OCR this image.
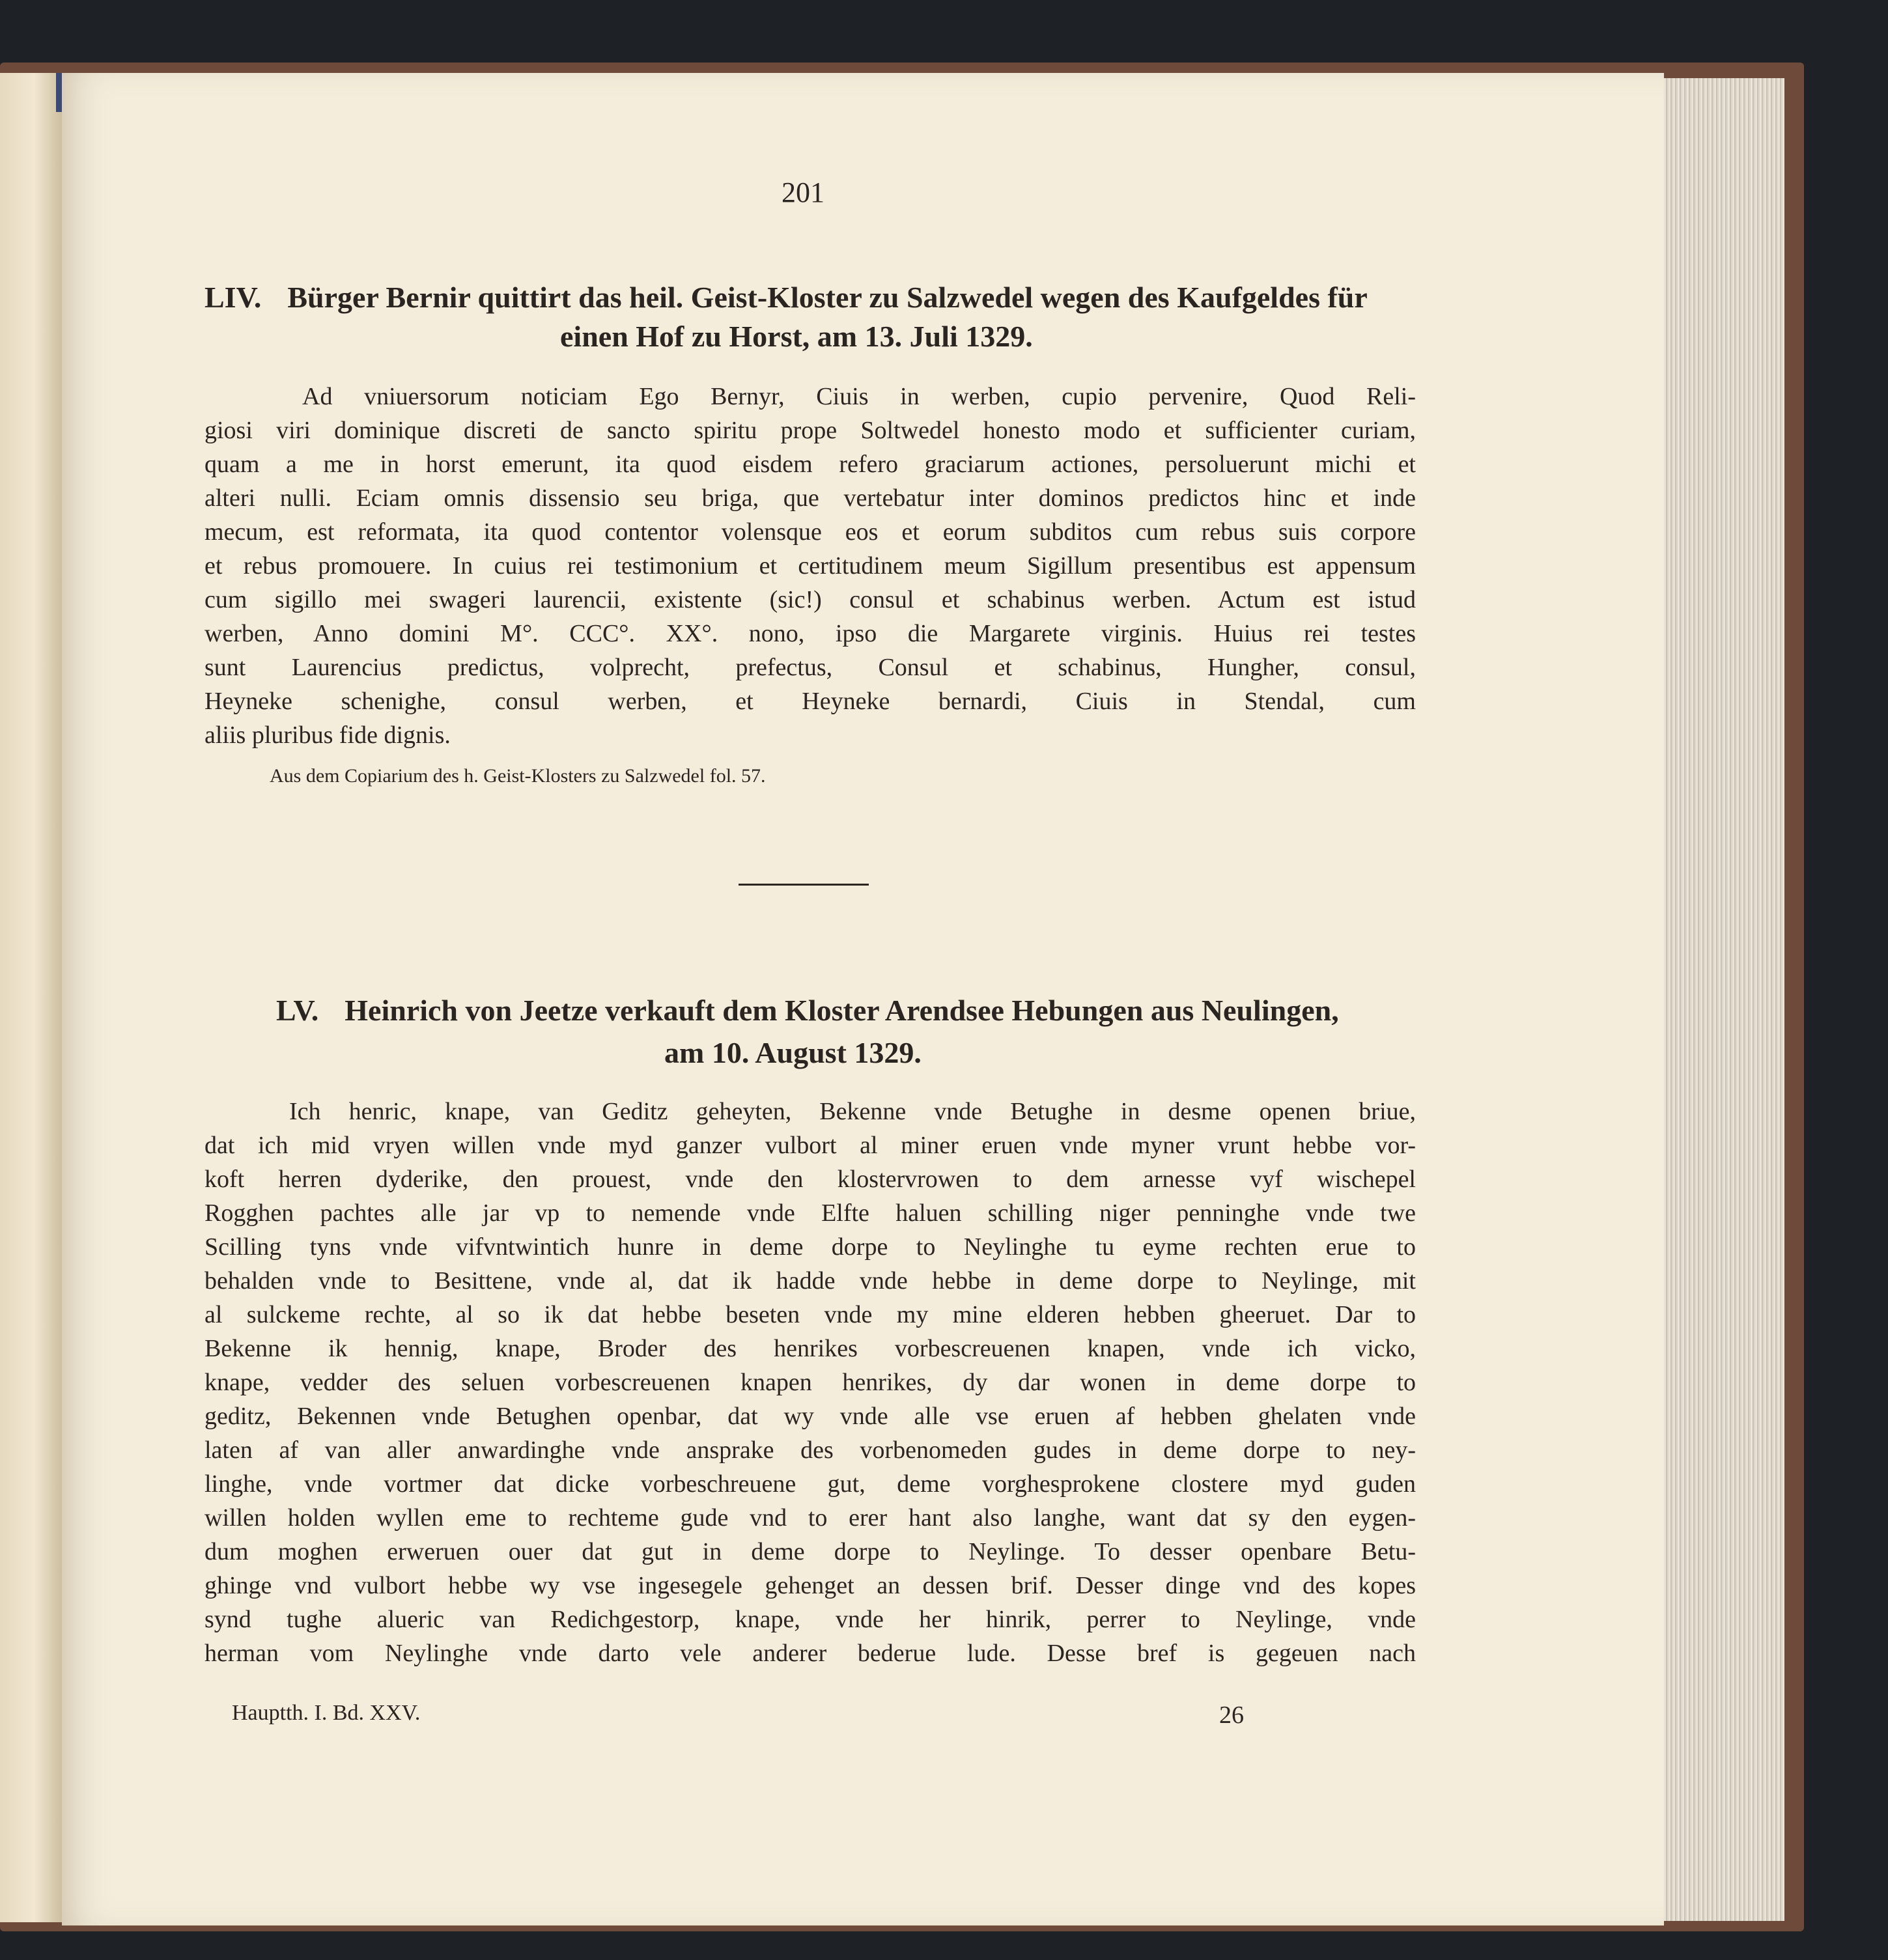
201
LIV. Bürger Bernir quittirt das heil. Geist-Kloster zu Salzwedel wegen des Kaufgeldes für
einen Hof zu Horst, am 13. Juli 1329.
Ad vniuersorum noticiam Ego Bernyr, Ciuis in werben, cupio pervenire, Quod Reli-
giosi viri dominique discreti de sancto spiritu prope Soltwedel honesto modo et sufficienter curiam,
quam a me in horst emerunt, ita quod eisdem refero graciarum actiones, persoluerunt michi et
alteri nulli. Eciam omnis dissensio seu briga, que vertebatur inter dominos predictos hinc et inde
mecum, est reformata, ita quod contentor volensque eos et eorum subditos cum rebus suis corpore
et rebus promouere. In cuius rei testimonium et certitudinem meum Sigillum presentibus est appensum
cum sigillo mei swageri laurencii, existente (sic!) consul et schabinus werben. Actum est istud
werben, Anno domini M°. CCC°. XX°. nono, ipso die Margarete virginis. Huius rei testes
sunt Laurencius predictus, volprecht, prefectus, Consul et schabinus, Hungher, consul,
Heyneke schenighe, consul werben, et Heyneke bernardi, Ciuis in Stendal, cum
aliis pluribus fide dignis.
Aus dem Copiarium des h. Geist-Klosters zu Salzwedel fol. 57.
LV. Heinrich von Jeetze verkauft dem Kloster Arendsee Hebungen aus Neulingen,
am 10. August 1329.
Ich henric, knape, van Geditz geheyten, Bekenne vnde Betughe in desme openen briue,
dat ich mid vryen willen vnde myd ganzer vulbort al miner eruen vnde myner vrunt hebbe vor-
koft herren dyderike, den prouest, vnde den klostervrowen to dem arnesse vyf wischepel
Rogghen pachtes alle jar vp to nemende vnde Elfte haluen schilling niger penninghe vnde twe
Scilling tyns vnde vifvntwintich hunre in deme dorpe to Neylinghe tu eyme rechten erue to
behalden vnde to Besittene, vnde al, dat ik hadde vnde hebbe in deme dorpe to Neylinge, mit
al sulckeme rechte, al so ik dat hebbe beseten vnde my mine elderen hebben gheeruet. Dar to
Bekenne ik hennig, knape, Broder des henrikes vorbescreuenen knapen, vnde ich vicko,
knape, vedder des seluen vorbescreuenen knapen henrikes, dy dar wonen in deme dorpe to
geditz, Bekennen vnde Betughen openbar, dat wy vnde alle vse eruen af hebben ghelaten vnde
laten af van aller anwardinghe vnde ansprake des vorbenomeden gudes in deme dorpe to ney-
linghe, vnde vortmer dat dicke vorbeschreuene gut, deme vorghesprokene clostere myd guden
willen holden wyllen eme to rechteme gude vnd to erer hant also langhe, want dat sy den eygen-
dum moghen erweruen ouer dat gut in deme dorpe to Neylinge. To desser openbare Betu-
ghinge vnd vulbort hebbe wy vse ingesegele gehenget an dessen brif. Desser dinge vnd des kopes
synd tughe alueric van Redichgestorp, knape, vnde her hinrik, perrer to Neylinge, vnde
herman vom Neylinghe vnde darto vele anderer bederue lude. Desse bref is gegeuen nach
Hauptth. I. Bd. XXV.	26
